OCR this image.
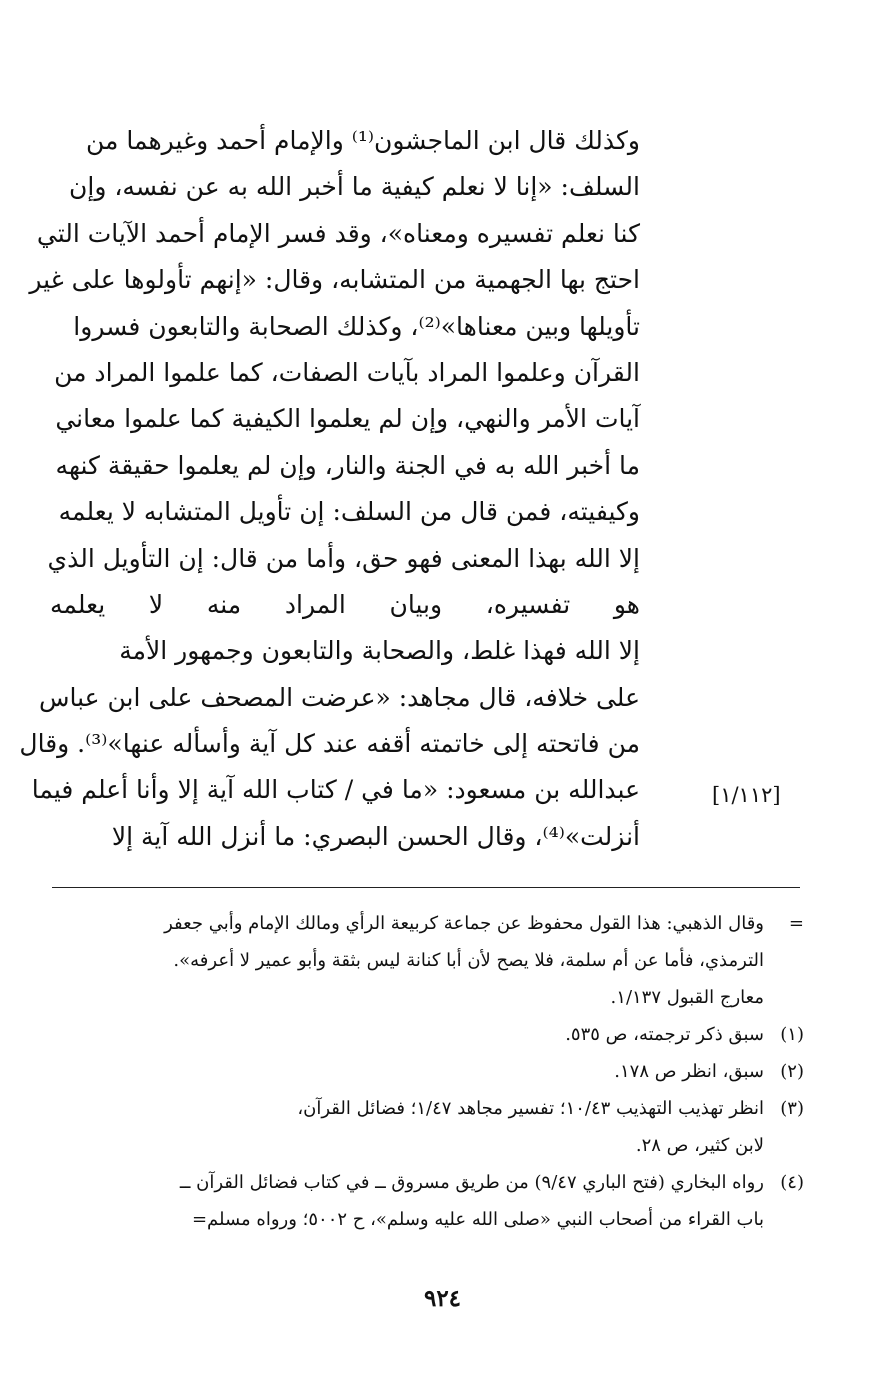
وكذلك قال ابن الماجشون⁽¹⁾ والإمام أحمد وغيرهما من
السلف: «إنا لا نعلم كيفية ما أخبر الله به عن نفسه، وإن
كنا نعلم تفسيره ومعناه»، وقد فسر الإمام أحمد الآيات التي
احتج بها الجهمية من المتشابه، وقال: «إنهم تأولوها على غير
تأويلها وبين معناها»⁽²⁾، وكذلك الصحابة والتابعون فسروا
القرآن وعلموا المراد بآيات الصفات، كما علموا المراد من
آيات الأمر والنهي، وإن لم يعلموا الكيفية كما علموا معاني
ما أخبر الله به في الجنة والنار، وإن لم يعلموا حقيقة كنهه
وكيفيته، فمن قال من السلف: إن تأويل المتشابه لا يعلمه
إلا الله بهذا المعنى فهو حق، وأما من قال: إن التأويل الذي
هو تفسيره، وبيان المراد منه لا يعلمه
إلا الله فهذا غلط، والصحابة والتابعون وجمهور الأمة
على خلافه، قال مجاهد: «عرضت المصحف على ابن عباس
من فاتحته إلى خاتمته أقفه عند كل آية وأسأله عنها»⁽³⁾. وقال
عبدالله بن مسعود: «ما في / كتاب الله آية إلا وأنا أعلم فيما
أنزلت»⁽⁴⁾، وقال الحسن البصري: ما أنزل الله آية إلا
[١/١١٢]
=
وقال الذهبي: هذا القول محفوظ عن جماعة كربيعة الرأي ومالك الإمام وأبي جعفر
الترمذي، فأما عن أم سلمة، فلا يصح لأن أبا كنانة ليس بثقة وأبو عمير لا أعرفه».
معارج القبول ١/١٣٧.
(١)
سبق ذكر ترجمته، ص ٥٣٥.
(٢)
سبق، انظر ص ١٧٨.
(٣)
انظر تهذيب التهذيب ١٠/٤٣؛ تفسير مجاهد ١/٤٧؛ فضائل القرآن،
لابن كثير، ص ٢٨.
(٤)
رواه البخاري (فتح الباري ٩/٤٧) من طريق مسروق ــ في كتاب فضائل القرآن ــ
باب القراء من أصحاب النبي «صلى الله عليه وسلم»، ح ٥٠٠٢؛ ورواه مسلم=
٩٢٤
